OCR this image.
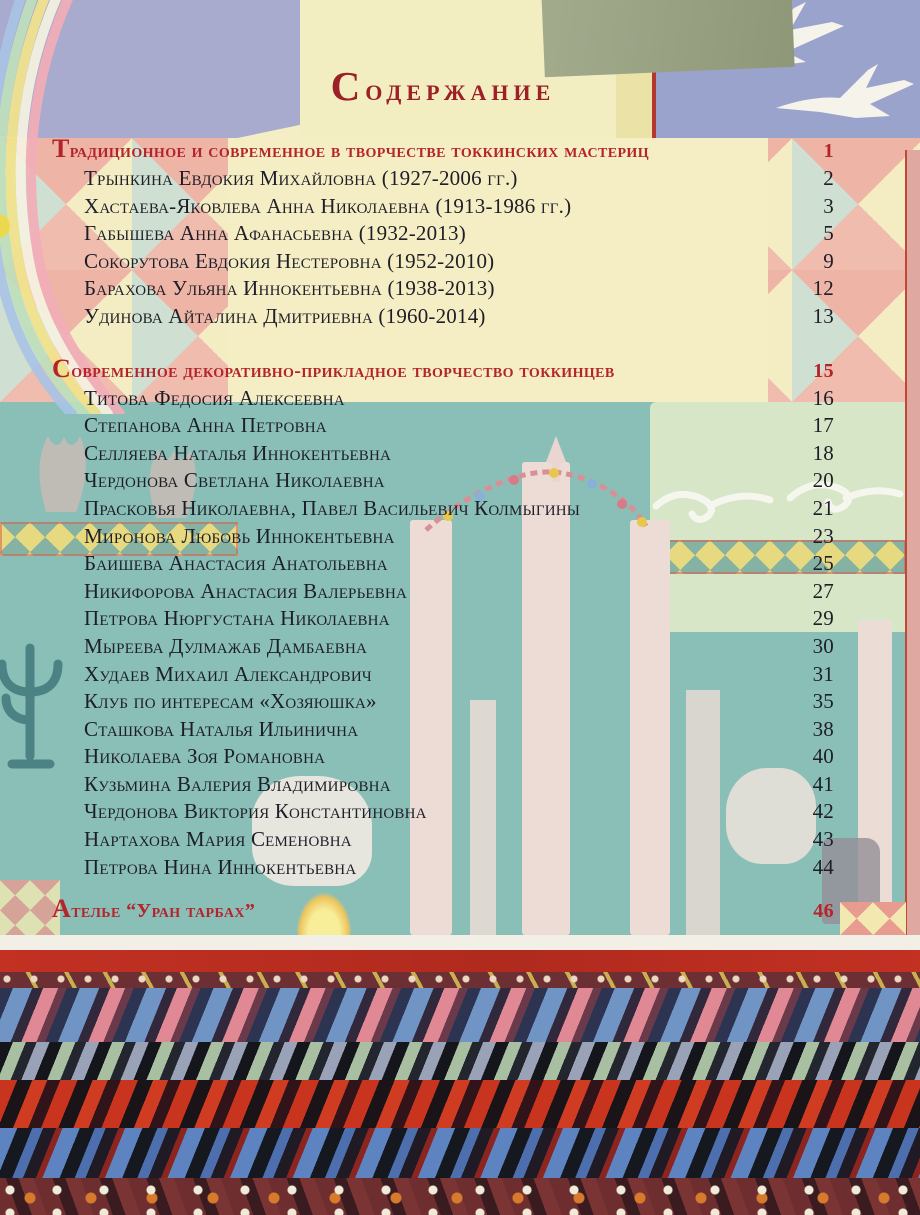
Содержание
Традиционное и современное в творчестве токкинских мастериц	1
Трынкина Евдокия Михайловна (1927-2006 гг.)	2
Хастаева-Яковлева Анна Николаевна (1913-1986 гг.)	3
Габышева Анна Афанасьевна (1932-2013)	5
Сокорутова Евдокия Нестеровна (1952-2010)	9
Барахова Ульяна Иннокентьевна (1938-2013)	12
Удинова Айталина Дмитриевна (1960-2014)	13
Современное декоративно-прикладное творчество токкинцев	15
Титова Федосия Алексеевна	16
Степанова Анна Петровна	17
Селляева Наталья Иннокентьевна	18
Чердонова Светлана Николаевна	20
Прасковья Николаевна, Павел Васильевич Колмыгины	21
Миронова Любовь Иннокентьевна	23
Баишева Анастасия Анатольевна	25
Никифорова Анастасия Валерьевна	27
Петрова Нюргустана Николаевна	29
Мыреева Дулмажаб Дамбаевна	30
Худаев Михаил Александрович	31
Клуб по интересам «Хозяюшка»	35
Сташкова Наталья Ильинична	38
Николаева Зоя Романовна	40
Кузьмина Валерия Владимировна	41
Чердонова Виктория Константиновна	42
Нартахова Мария Семеновна	43
Петрова Нина Иннокентьевна	44
Ателье “Уран тарбах”	46
